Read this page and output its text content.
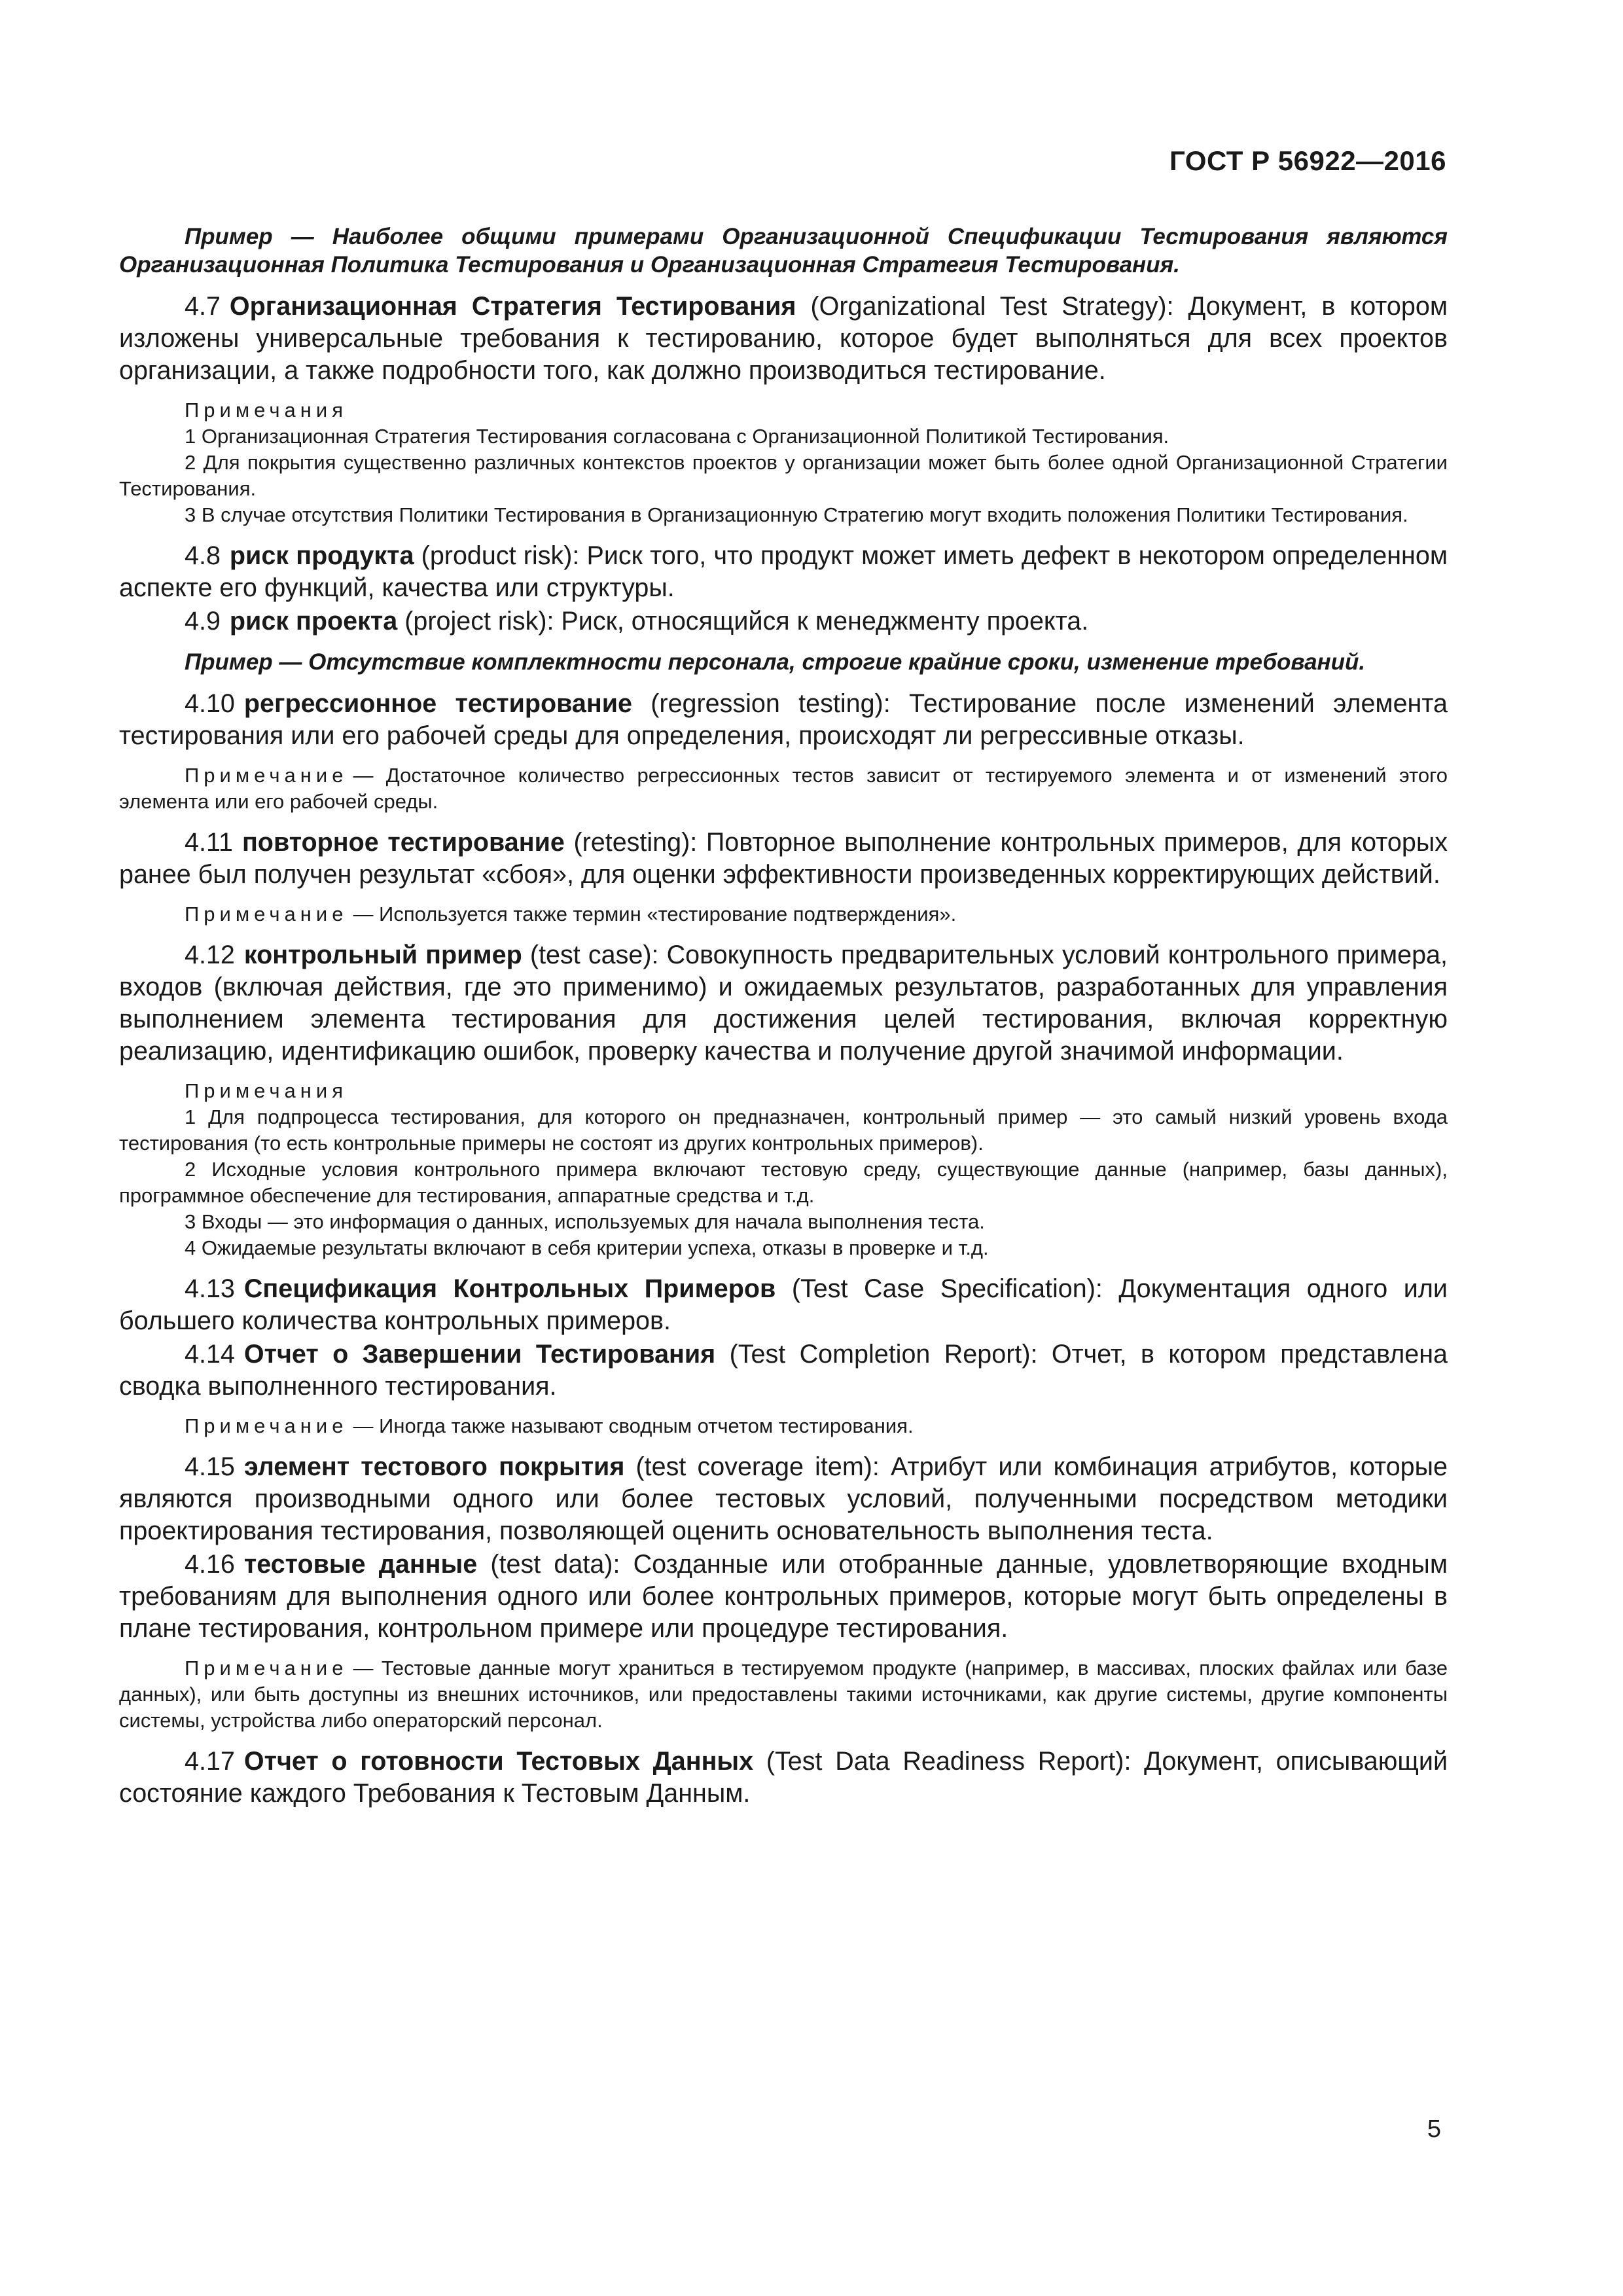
ГОСТ Р 56922—2016

Пример — Наиболее общими примерами Организационной Спецификации Тестирования являются Организационная Политика Тестирования и Организационная Стратегия Тестирования.

4.7 Организационная Стратегия Тестирования (Organizational Test Strategy): Документ, в котором изложены универсальные требования к тестированию, которое будет выполняться для всех проектов организации, а также подробности того, как должно производиться тестирование.

Примечания

1 Организационная Стратегия Тестирования согласована с Организационной Политикой Тестирования.

2 Для покрытия существенно различных контекстов проектов у организации может быть более одной Организационной Стратегии Тестирования.

3 В случае отсутствия Политики Тестирования в Организационную Стратегию могут входить положения Политики Тестирования.

4.8 риск продукта (product risk): Риск того, что продукт может иметь дефект в некотором определенном аспекте его функций, качества или структуры.

4.9 риск проекта (project risk): Риск, относящийся к менеджменту проекта.

Пример — Отсутствие комплектности персонала, строгие крайние сроки, изменение требований.

4.10 регрессионное тестирование (regression testing): Тестирование после изменений элемента тестирования или его рабочей среды для определения, происходят ли регрессивные отказы.

Примечание — Достаточное количество регрессионных тестов зависит от тестируемого элемента и от изменений этого элемента или его рабочей среды.

4.11 повторное тестирование (retesting): Повторное выполнение контрольных примеров, для которых ранее был получен результат «сбоя», для оценки эффективности произведенных корректирующих действий.

Примечание — Используется также термин «тестирование подтверждения».

4.12 контрольный пример (test case): Совокупность предварительных условий контрольного примера, входов (включая действия, где это применимо) и ожидаемых результатов, разработанных для управления выполнением элемента тестирования для достижения целей тестирования, включая корректную реализацию, идентификацию ошибок, проверку качества и получение другой значимой информации.

Примечания

1 Для подпроцесса тестирования, для которого он предназначен, контрольный пример — это самый низкий уровень входа тестирования (то есть контрольные примеры не состоят из других контрольных примеров).

2 Исходные условия контрольного примера включают тестовую среду, существующие данные (например, базы данных), программное обеспечение для тестирования, аппаратные средства и т.д.

3 Входы — это информация о данных, используемых для начала выполнения теста.

4 Ожидаемые результаты включают в себя критерии успеха, отказы в проверке и т.д.

4.13 Спецификация Контрольных Примеров (Test Case Specification): Документация одного или большего количества контрольных примеров.

4.14 Отчет о Завершении Тестирования (Test Completion Report): Отчет, в котором представлена сводка выполненного тестирования.

Примечание — Иногда также называют сводным отчетом тестирования.

4.15 элемент тестового покрытия (test coverage item): Атрибут или комбинация атрибутов, которые являются производными одного или более тестовых условий, полученными посредством методики проектирования тестирования, позволяющей оценить основательность выполнения теста.

4.16 тестовые данные (test data): Созданные или отобранные данные, удовлетворяющие входным требованиям для выполнения одного или более контрольных примеров, которые могут быть определены в плане тестирования, контрольном примере или процедуре тестирования.

Примечание — Тестовые данные могут храниться в тестируемом продукте (например, в массивах, плоских файлах или базе данных), или быть доступны из внешних источников, или предоставлены такими источниками, как другие системы, другие компоненты системы, устройства либо операторский персонал.

4.17 Отчет о готовности Тестовых Данных (Test Data Readiness Report): Документ, описывающий состояние каждого Требования к Тестовым Данным.

5
